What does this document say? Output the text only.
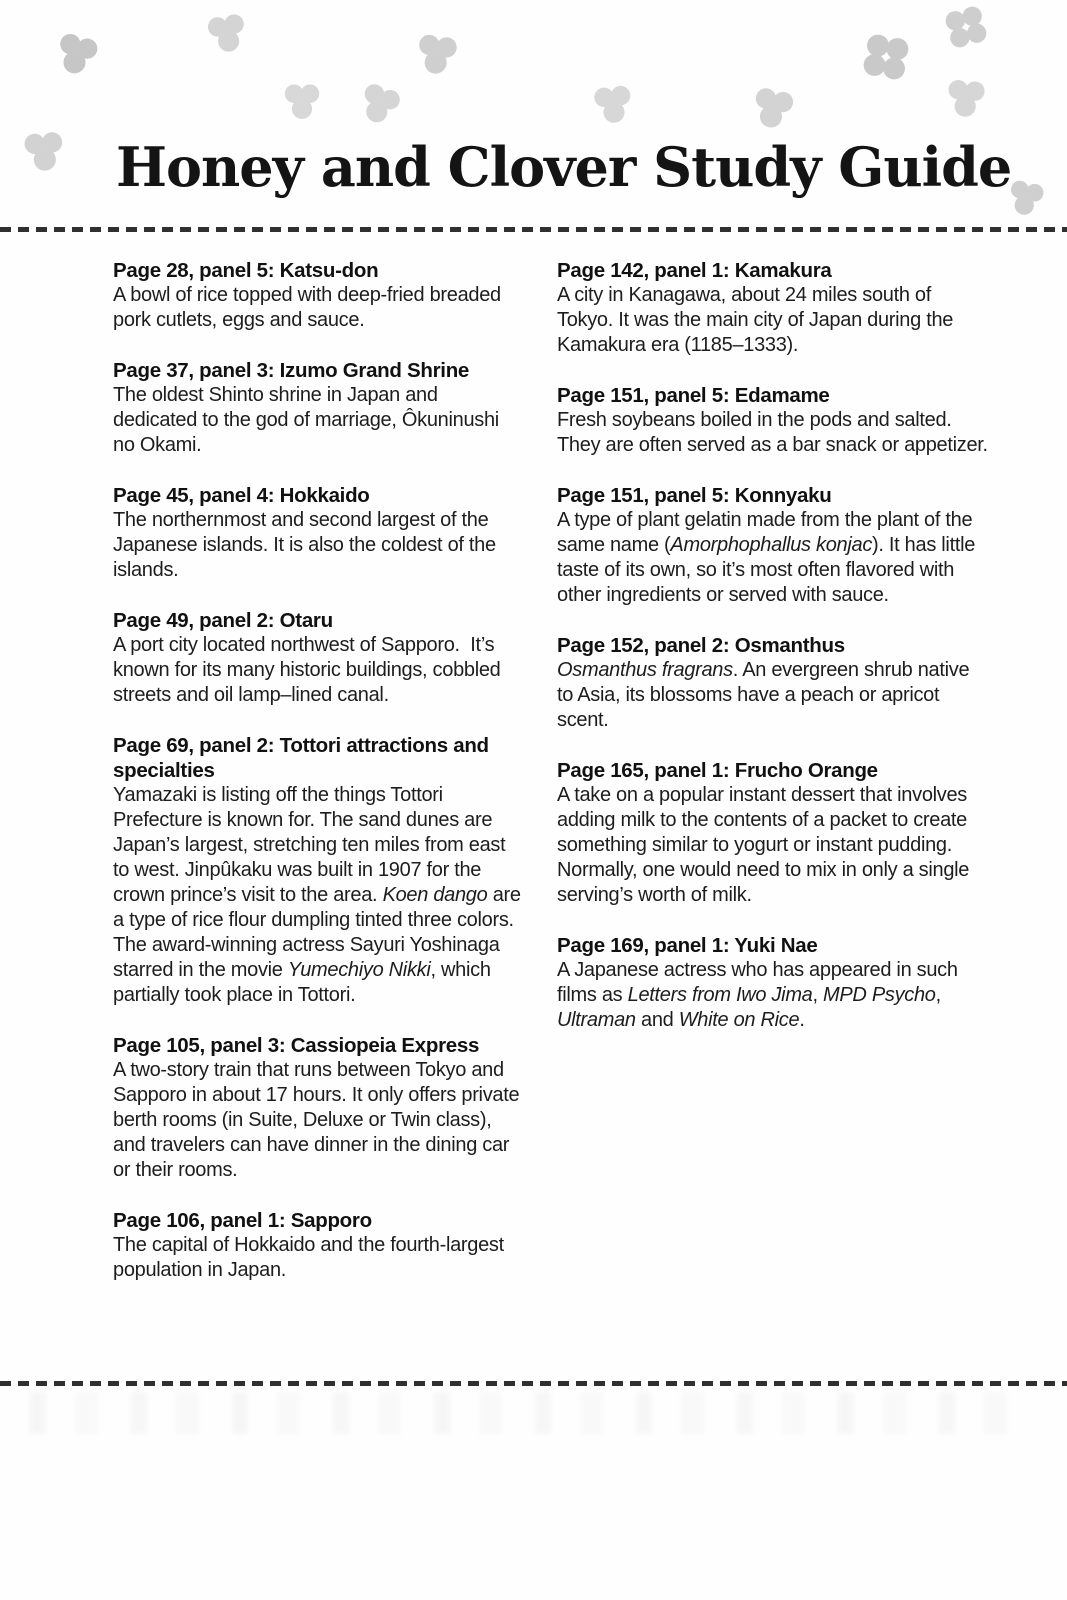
Honey and Clover Study Guide
Page 28, panel 5: Katsu-don

A bowl of rice topped with deep-fried breaded pork cutlets, eggs and sauce.

Page 37, panel 3: Izumo Grand Shrine

The oldest Shinto shrine in Japan and dedicated to the god of marriage, Ôkuninushi no Okami.

Page 45, panel 4: Hokkaido

The northernmost and second largest of the Japanese islands. It is also the coldest of the islands.

Page 49, panel 2: Otaru

A port city located northwest of Sapporo.  It’s known for its many historic buildings, cobbled streets and oil lamp–lined canal.

Page 69, panel 2: Tottori attractions and specialties

Yamazaki is listing off the things Tottori Prefecture is known for. The sand dunes are Japan’s largest, stretching ten miles from east to west. Jinpûkaku was built in 1907 for the crown prince’s visit to the area. Koen dango are a type of rice flour dumpling tinted three colors. The award-winning actress Sayuri Yoshinaga starred in the movie Yumechiyo Nikki, which partially took place in Tottori.

Page 105, panel 3: Cassiopeia Express

A two-story train that runs between Tokyo and Sapporo in about 17 hours. It only offers private berth rooms (in Suite, Deluxe or Twin class), and travelers can have dinner in the dining car or their rooms.

Page 106, panel 1: Sapporo

The capital of Hokkaido and the fourth-largest population in Japan.

Page 142, panel 1: Kamakura

A city in Kanagawa, about 24 miles south of Tokyo. It was the main city of Japan during the Kamakura era (1185–1333).

Page 151, panel 5: Edamame

Fresh soybeans boiled in the pods and salted. They are often served as a bar snack or appetizer.

Page 151, panel 5: Konnyaku

A type of plant gelatin made from the plant of the same name (Amorphophallus konjac). It has little taste of its own, so it’s most often flavored with other ingredients or served with sauce.

Page 152, panel 2: Osmanthus

Osmanthus fragrans. An evergreen shrub native to Asia, its blossoms have a peach or apricot scent.

Page 165, panel 1: Frucho Orange

A take on a popular instant dessert that involves adding milk to the contents of a packet to create something similar to yogurt or instant pudding. Normally, one would need to mix in only a single serving’s worth of milk.

Page 169, panel 1: Yuki Nae

A Japanese actress who has appeared in such films as Letters from Iwo Jima, MPD Psycho, Ultraman and White on Rice.
